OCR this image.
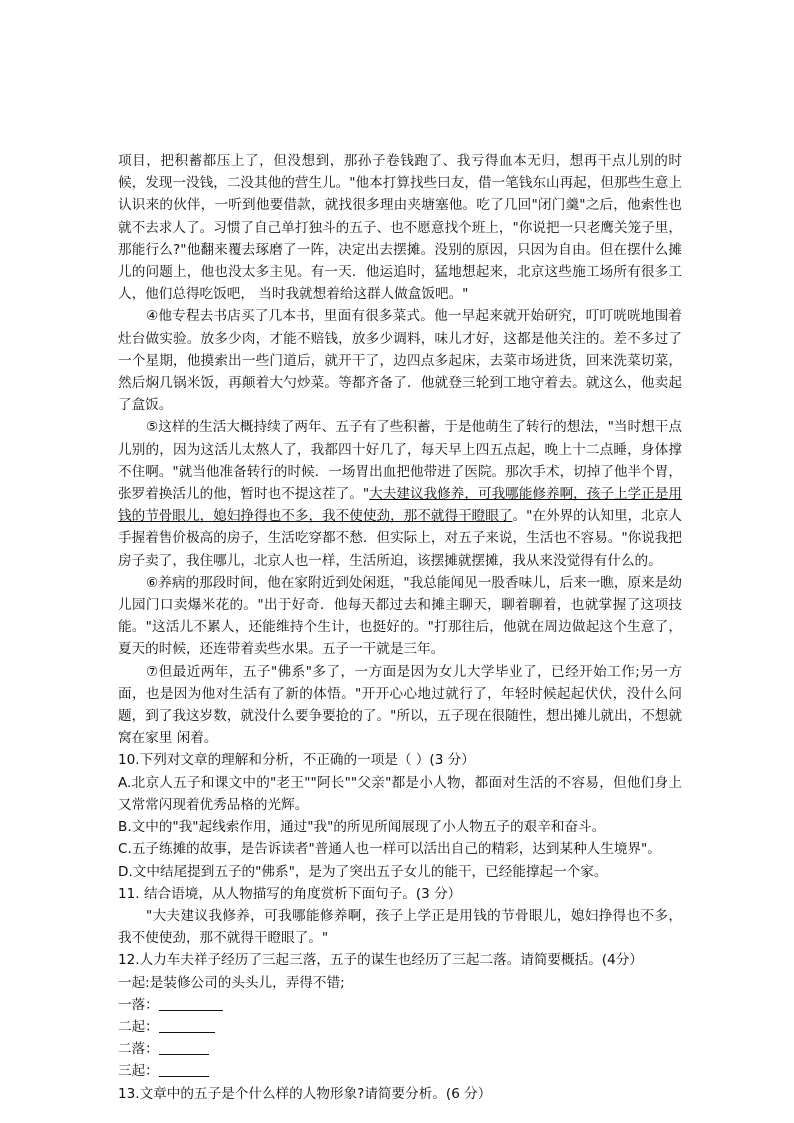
项目，把积蓄都压上了，但没想到，那孙子卷钱跑了、我亏得血本无归，想再干点儿别的时候，发现一没钱，二没其他的营生儿。"他本打算找些曰友，借一笔钱东山再起，但那些生意上认识来的伙伴，一听到他要借款，就找很多理由夹塘塞他。吃了几回"闭门羹"之后，他索性也就不去求人了。习惯了自己单打独斗的五子、也不愿意找个班上，"你说把一只老鹰关笼子里，那能行么?"他翻来覆去琢磨了一阵，决定出去摆摊。没别的原因，只因为自由。但在摆什么摊儿的问题上，他也没太多主见。有一天．他运追时，猛地想起来，北京这些施工场所有很多工人，他们总得吃饭吧， 当时我就想着给这群人做盒饭吧。"

④他专程去书店买了几本书，里面有很多菜式。他一早起来就开始研究，叮叮咣咣地围着灶台做实验。放多少肉，才能不赔钱，放多少调料，味儿才好，这都是他关注的。差不多过了一个星期，他摸索出一些门道后，就开干了，边四点多起床，去菜市场进货，回来洗菜切菜，然后焖几锅米饭，再颠着大勺炒菜。等都齐备了．他就登三轮到工地守着去。就这么，他卖起了盒饭。

⑤这样的生活大概持续了两年、五子有了些积蓄，于是他萌生了转行的想法，"当时想干点儿别的，因为这活儿太熬人了，我都四十好几了，每天早上四五点起，晚上十二点睡，身体撑不住啊。"就当他准备转行的时候．一场胃出血把他带进了医院。那次手术，切掉了他半个胃，张罗着换活儿的他，暂时也不提这茬了。"大夫建议我修养，可我哪能修养啊，孩子上学正是用钱的节骨眼儿，媳妇挣得也不多，我不使使劲，那不就得干瞪眼了。"在外界的认知里，北京人手握着售价极高的房子，生活吃穿都不愁．但实际上，对五子来说，生活也不容易。"你说我把房子卖了，我住哪儿，北京人也一样，生活所迫，该摆摊就摆摊，我从来没觉得有什么的。

⑥养病的那段时间，他在家附近到处闲逛，"我总能闻见一股香味儿，后来一瞧，原来是幼儿园门口卖爆米花的。"出于好奇．他每天都过去和摊主聊天，聊着聊着，也就掌握了这项技能。"这活儿不累人，还能维持个生计，也挺好的。"打那往后，他就在周边做起这个生意了，夏天的时候，还连带着卖些水果。五子一干就是三年。

⑦但最近两年，五子"佛系"多了，一方面是因为女儿大学毕业了，已经开始工作;另一方面，也是因为他对生活有了新的体悟。"开开心心地过就行了，年轻时候起起伏伏，没什么问题，到了我这岁数，就没什么要争要抢的了。"所以，五子现在很随性，想出摊儿就出，不想就窝在家里 闲着。

10.下列对文章的理解和分析，不正确的一项是（ ）(3 分）

A.北京人五子和课文中的"老王""阿长""父亲"都是小人物，都面对生活的不容易，但他们身上又常常闪现着优秀品格的光辉。

B.文中的"我"起线索作用，通过"我"的所见所闻展现了小人物五子的艰辛和奋斗。

C.五子练摊的故事，是告诉读者"普通人也一样可以活出自己的精彩，达到某种人生境界"。

D.文中结尾提到五子的"佛系"，是为了突出五子女儿的能干，已经能撑起一个家。

11. 结合语境，从人物描写的角度赏析下面句子。(3 分）

"大夫建议我修养，可我哪能修养啊，孩子上学正是用钱的节骨眼儿，媳妇挣得也不多，我不使使劲，那不就得干瞪眼了。"

12.人力车夫祥子经历了三起三落，五子的谋生也经历了三起二落。请简要概括。(4分）

一起:是装修公司的头头儿，弄得不错;

一落：

二起：

二落：

三起：

13.文章中的五子是个什么样的人物形象?请简要分析。(6 分）
